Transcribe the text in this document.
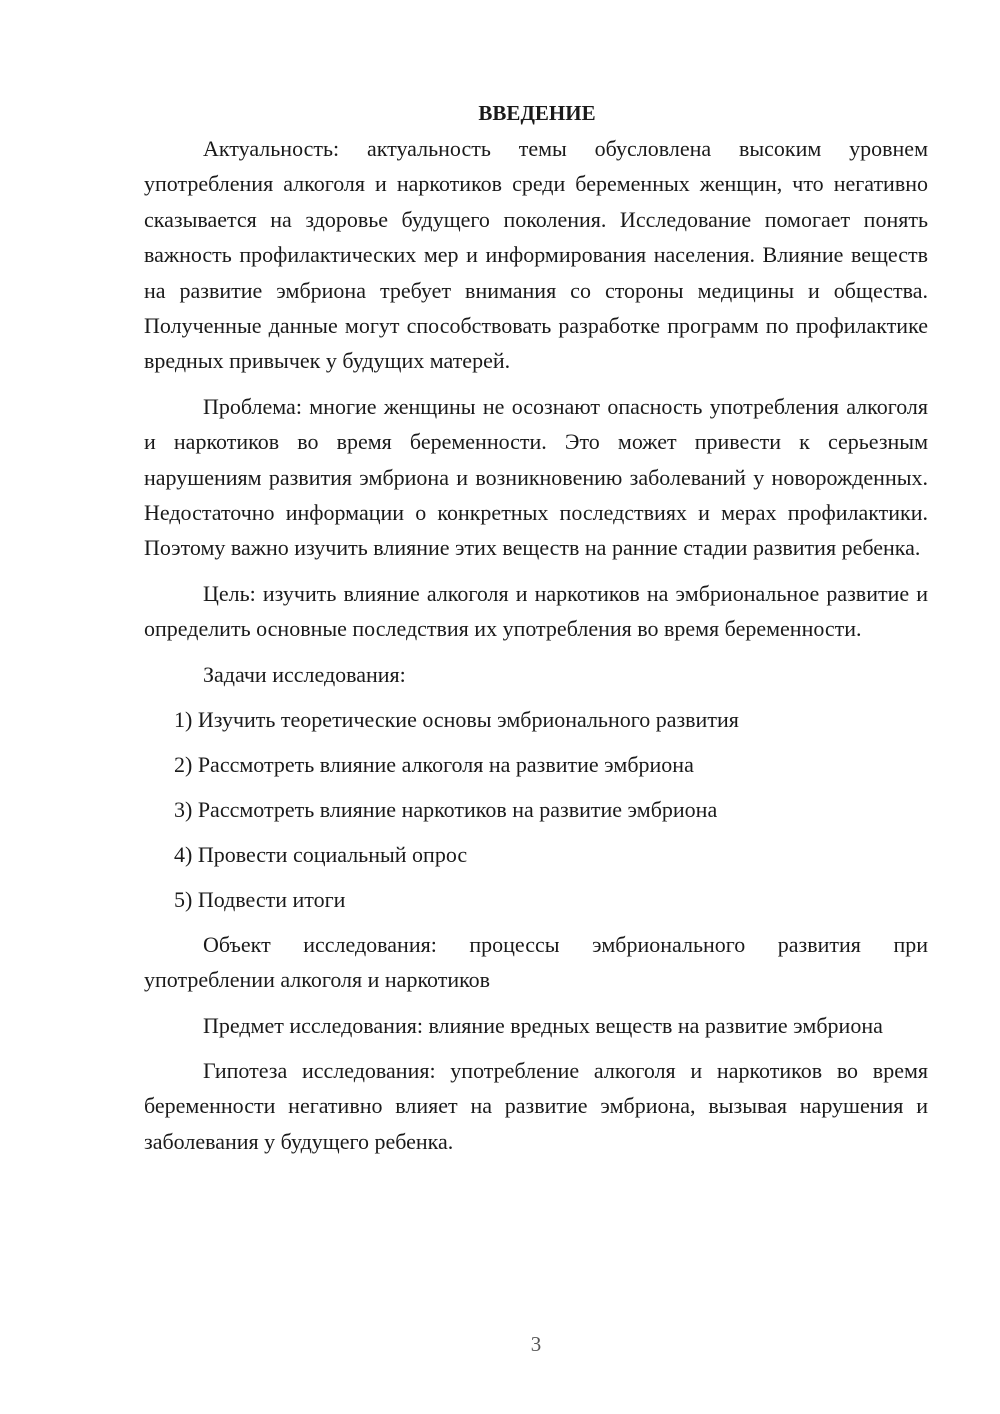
ВВЕДЕНИЕ

Актуальность: актуальность темы обусловлена высоким уровнем употребления алкоголя и наркотиков среди беременных женщин, что негативно сказывается на здоровье будущего поколения. Исследование помогает понять важность профилактических мер и информирования населения. Влияние веществ на развитие эмбриона требует внимания со стороны медицины и общества. Полученные данные могут способствовать разработке программ по профилактике вредных привычек у будущих матерей.

Проблема: многие женщины не осознают опасность употребления алкоголя и наркотиков во время беременности. Это может привести к серьезным нарушениям развития эмбриона и возникновению заболеваний у новорожденных. Недостаточно информации о конкретных последствиях и мерах профилактики. Поэтому важно изучить влияние этих веществ на ранние стадии развития ребенка.

Цель: изучить влияние алкоголя и наркотиков на эмбриональное развитие и определить основные последствия их употребления во время беременности.

Задачи исследования:

1) Изучить теоретические основы эмбрионального развития

2) Рассмотреть влияние алкоголя на развитие эмбриона

3) Рассмотреть влияние наркотиков на развитие эмбриона

4) Провести социальный опрос

5) Подвести итоги

Объект исследования: процессы эмбрионального развития при употреблении алкоголя и наркотиков

Предмет исследования: влияние вредных веществ на развитие эмбриона

Гипотеза исследования: употребление алкоголя и наркотиков во время беременности негативно влияет на развитие эмбриона, вызывая нарушения и заболевания у будущего ребенка.

3
